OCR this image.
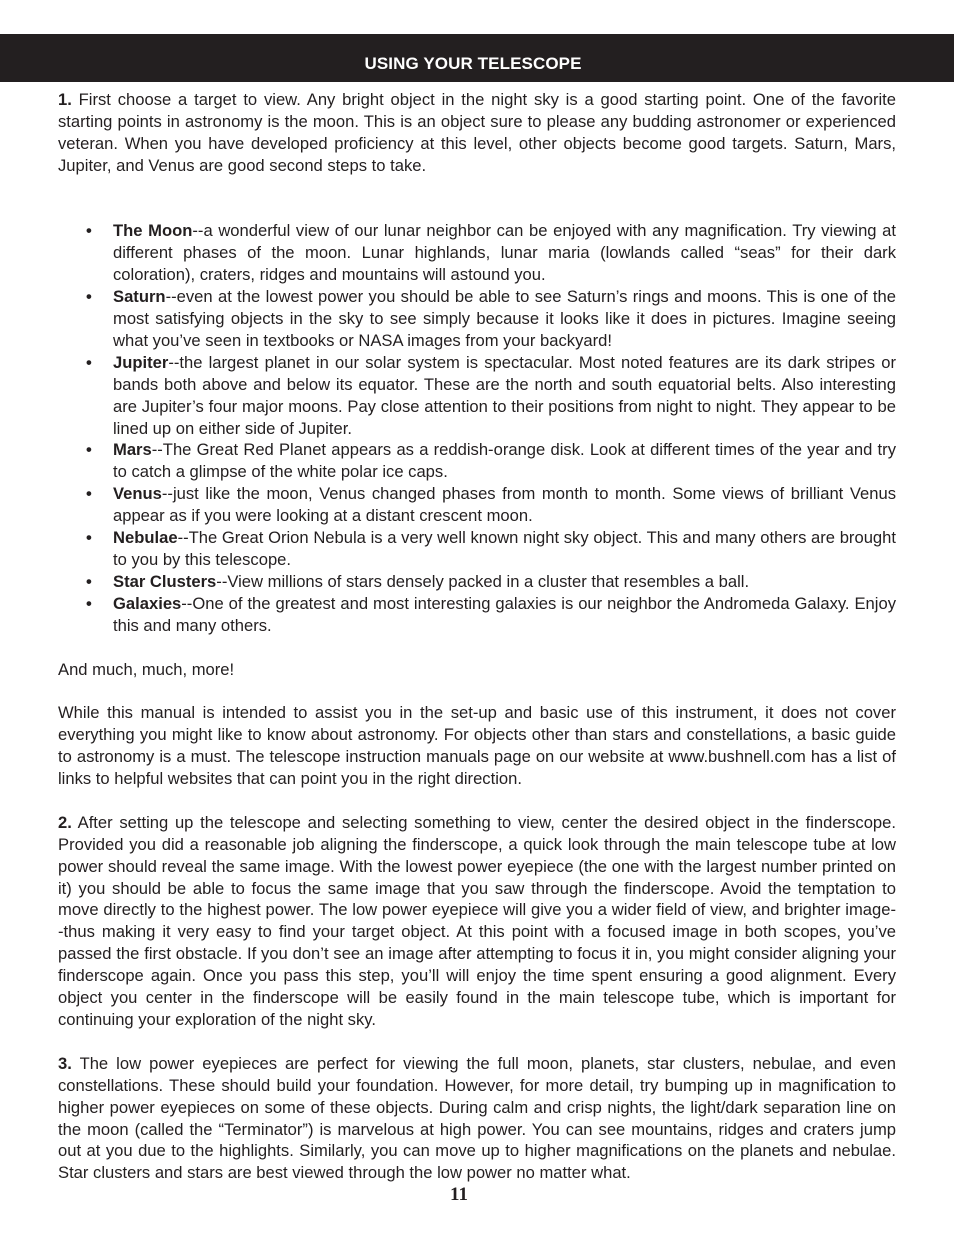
USING YOUR TELESCOPE

1. First choose a target to view. Any bright object in the night sky is a good starting point. One of the favorite starting points in astronomy is the moon. This is an object sure to please any budding astronomer or experienced veteran. When you have developed proficiency at this level, other objects become good targets. Saturn, Mars, Jupiter, and Venus are good second steps to take.

• The Moon--a wonderful view of our lunar neighbor can be enjoyed with any magnification. Try viewing at different phases of the moon. Lunar highlands, lunar maria (lowlands called “seas” for their dark coloration), craters, ridges and mountains will astound you.
• Saturn--even at the lowest power you should be able to see Saturn’s rings and moons. This is one of the most satisfying objects in the sky to see simply because it looks like it does in pictures. Imagine seeing what you’ve seen in textbooks or NASA images from your backyard!
• Jupiter--the largest planet in our solar system is spectacular. Most noted features are its dark stripes or bands both above and below its equator. These are the north and south equatorial belts. Also interesting are Jupiter’s four major moons. Pay close attention to their positions from night to night. They appear to be lined up on either side of Jupiter.
• Mars--The Great Red Planet appears as a reddish-orange disk. Look at different times of the year and try to catch a glimpse of the white polar ice caps.
• Venus--just like the moon, Venus changed phases from month to month. Some views of brilliant Venus appear as if you were looking at a distant crescent moon.
• Nebulae--The Great Orion Nebula is a very well known night sky object. This and many others are brought to you by this telescope.
• Star Clusters--View millions of stars densely packed in a cluster that resembles a ball.
• Galaxies--One of the greatest and most interesting galaxies is our neighbor the Andromeda Galaxy. Enjoy this and many others.

And much, much, more!

While this manual is intended to assist you in the set-up and basic use of this instrument, it does not cover everything you might like to know about astronomy. For objects other than stars and constellations, a basic guide to astronomy is a must. The telescope instruction manuals page on our website at www.bushnell.com has a list of links to helpful websites that can point you in the right direction.

2. After setting up the telescope and selecting something to view, center the desired object in the finderscope. Provided you did a reasonable job aligning the finderscope, a quick look through the main telescope tube at low power should reveal the same image. With the lowest power eyepiece (the one with the largest number printed on it) you should be able to focus the same image that you saw through the finderscope. Avoid the temptation to move directly to the highest power. The low power eyepiece will give you a wider field of view, and brighter image--thus making it very easy to find your target object. At this point with a focused image in both scopes, you’ve passed the first obstacle. If you don’t see an image after attempting to focus it in, you might consider aligning your finderscope again. Once you pass this step, you’ll will enjoy the time spent ensuring a good alignment. Every object you center in the finderscope will be easily found in the main telescope tube, which is important for continuing your exploration of the night sky.

3. The low power eyepieces are perfect for viewing the full moon, planets, star clusters, nebulae, and even constellations. These should build your foundation. However, for more detail, try bumping up in magnification to higher power eyepieces on some of these objects. During calm and crisp nights, the light/dark separation line on the moon (called the “Terminator”) is marvelous at high power. You can see mountains, ridges and craters jump out at you due to the highlights. Similarly, you can move up to higher magnifications on the planets and nebulae. Star clusters and stars are best viewed through the low power no matter what.

11
